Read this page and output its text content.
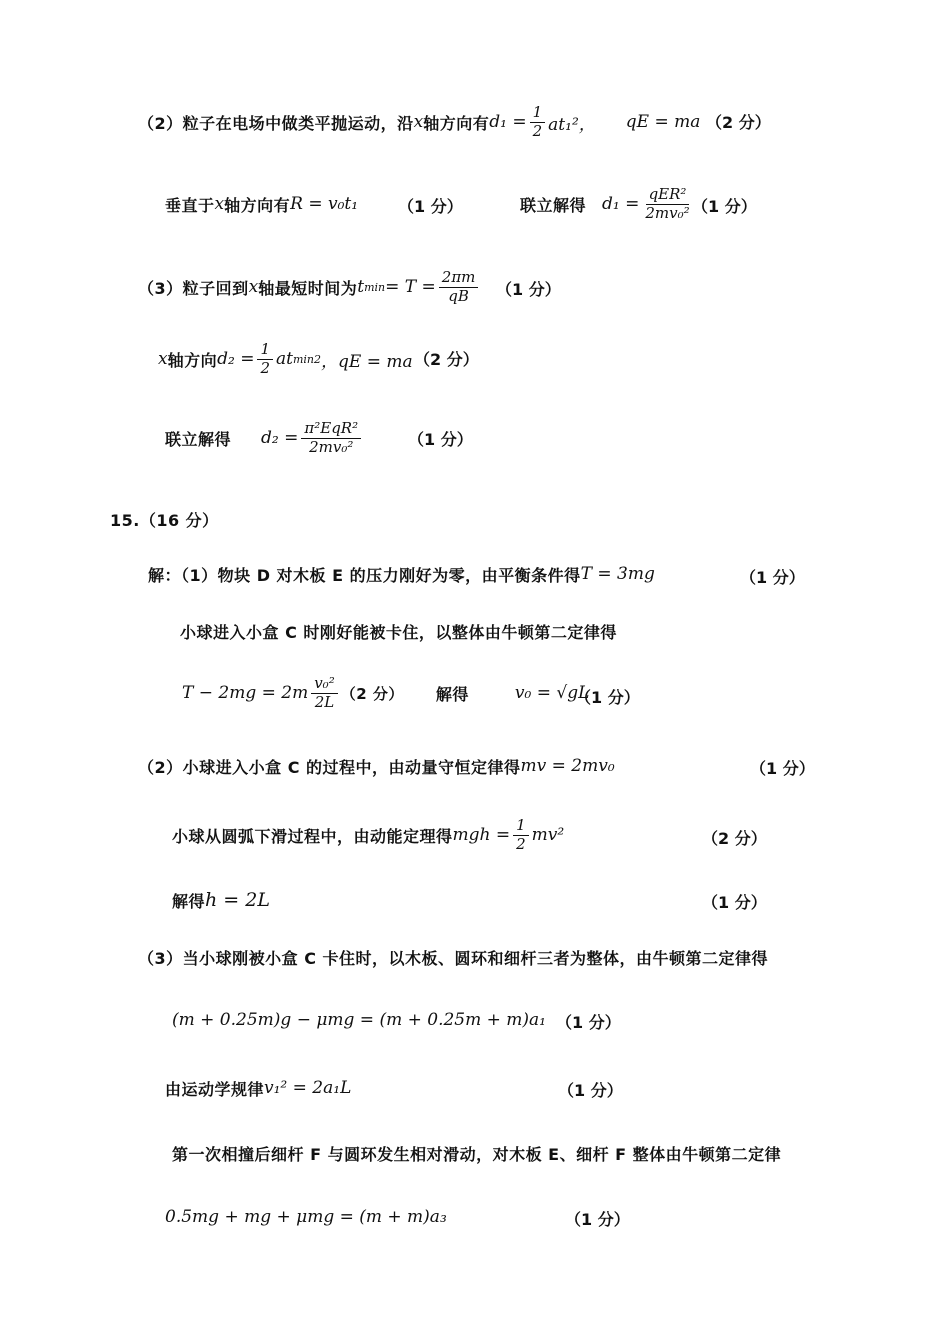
（2）粒子在电场中做类平抛运动，沿 x 轴方向有 $d_1 = \frac{1}{2} at_1^2$， qE = ma （2 分）
垂直于 x 轴方向有 R = v₀t₁ （1 分）	联立解得 $d_1 = \frac{\text{qER²}}{\text{2mv₀²}} (1$ 分）
（3）粒子回到 x 轴最短时间为 t $\min = T = \frac{2\pi m}{qB} (1$ 分）
x 轴方向 $d_2 = \frac{1}{2}$ at min 2 ，qE = ma （2 分）
联立解得 $d_2 = \frac{\text{π²EqR²}}{\text{2mv₀²}}$	（1 分）
15.（16 分）
解：（1）物块 D 对木板 E 的压力刚好为零，由平衡条件得 T = 3mg	（1 分）
小球进入小盒 C 时刚好能被卡住，以整体由牛顿第二定律得
$T - 2mg = 2m \frac{\text{v₀²}}{2L} (2$ 分） 解得	v₀ = √gL
（1 分）
（2）小球进入小盒 C 的过程中，由动量守恒定律得 mv = 2mv₀	（1 分）
小球从圆弧下滑过程中，由动能定理得 mgh = $\frac{1}{2} mv^2$	（2 分）
解得 h = 2L	（1 分）
（3）当小球刚被小盒 C 卡住时，以木板、圆环和细杆三者为整体，由牛顿第二定律得
(m + 0.25m)g − μmg = (m + 0.25m + m)a₁ （1 分）
由运动学规律 v₁² = 2a₁L	（1 分）
第一次相撞后细杆 F 与圆环发生相对滑动，对木板 E、细杆 F 整体由牛顿第二定律
0.5mg + mg + μmg = (m + m)a₃	（1 分）
